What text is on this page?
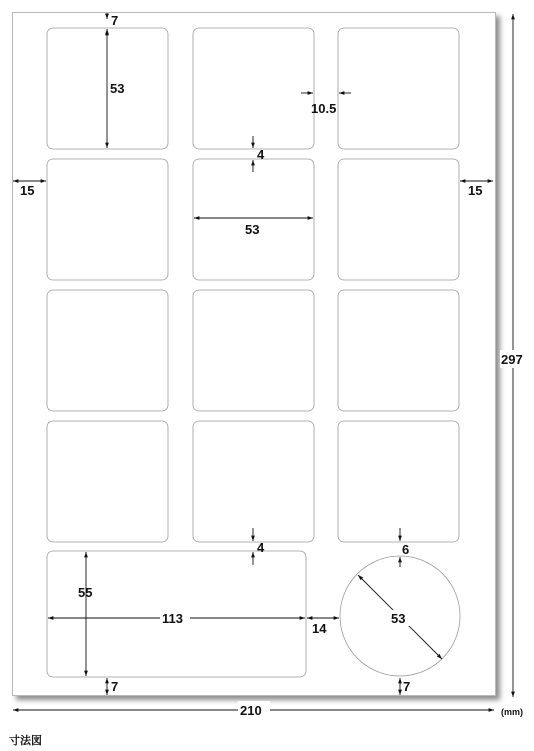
7
53
10.5
4
15	15
53
297
4	6
55
113
14
53
7	7
210	(mm)
寸法図
